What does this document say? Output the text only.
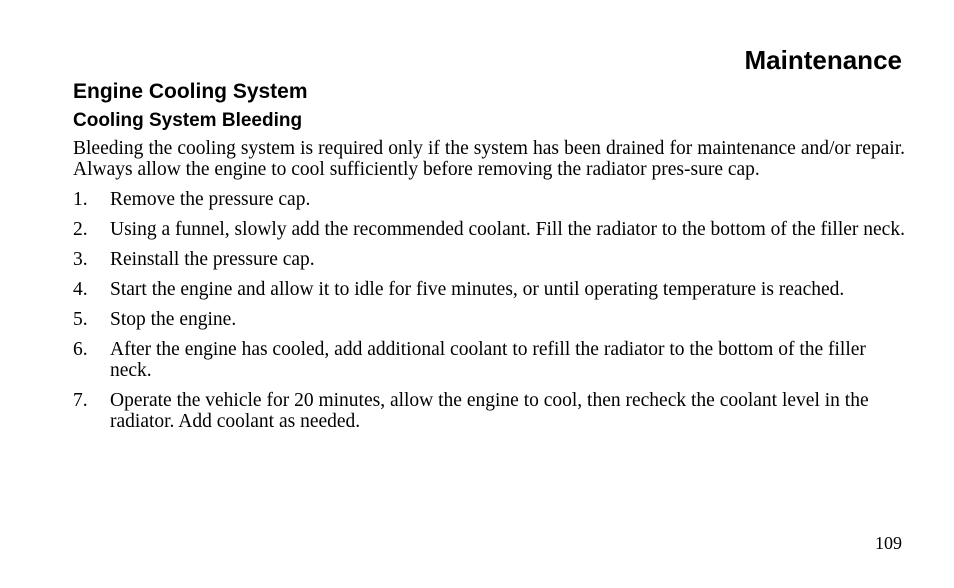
Maintenance
Engine Cooling System
Cooling System Bleeding

Bleeding the cooling system is required only if the system has been drained for maintenance and/or repair. Always allow the engine to cool sufficiently before removing the radiator pres-sure cap.

1.	Remove the pressure cap.
2.	Using a funnel, slowly add the recommended coolant. Fill the radiator to the bottom of the filler neck.
3.	Reinstall the pressure cap.
4.	Start the engine and allow it to idle for five minutes, or until operating temperature is reached.
5.	Stop the engine.
6.	After the engine has cooled, add additional coolant to refill the radiator to the bottom of the filler neck.
7.	Operate the vehicle for 20 minutes, allow the engine to cool, then recheck the coolant level in the radiator. Add coolant as needed.
109
